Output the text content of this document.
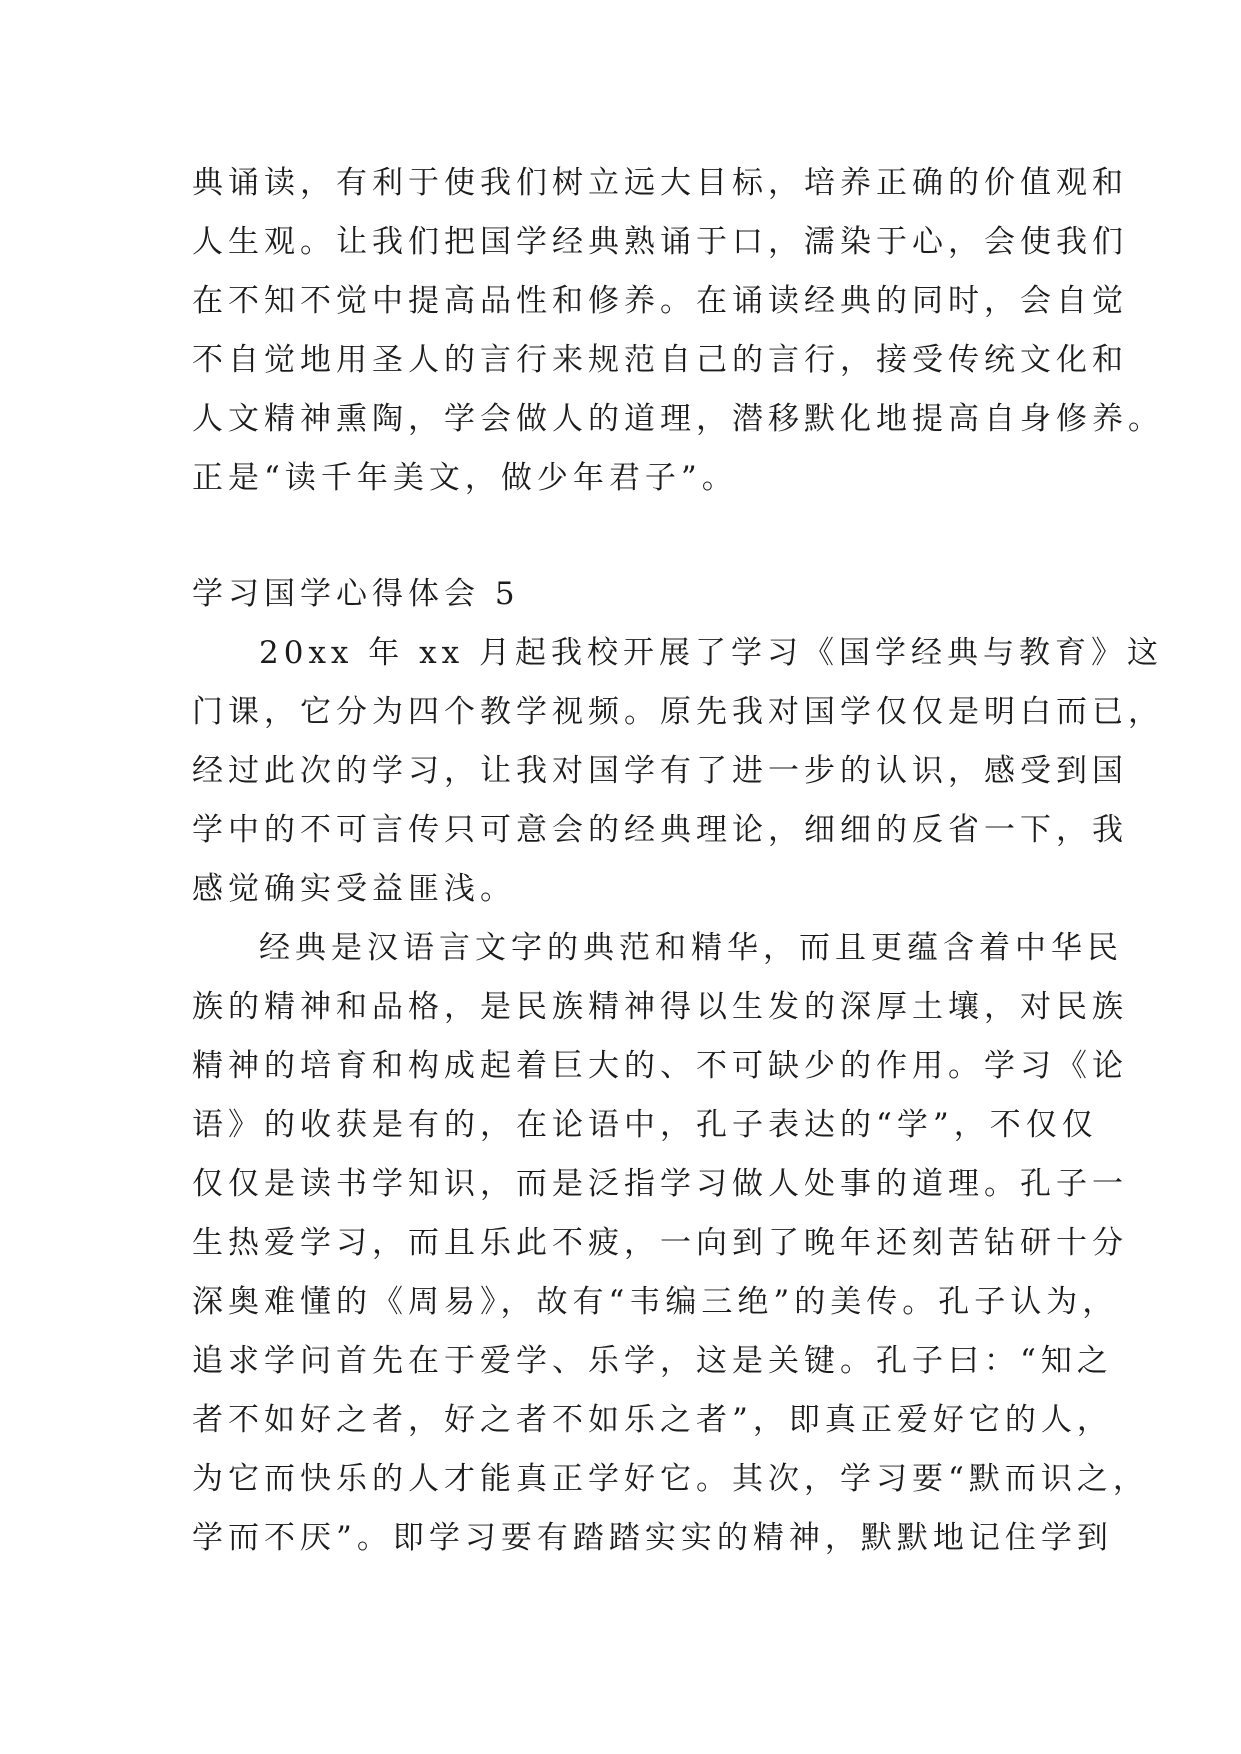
典诵读，有利于使我们树立远大目标，培养正确的价值观和
人生观。让我们把国学经典熟诵于口，濡染于心，会使我们
在不知不觉中提高品性和修养。在诵读经典的同时，会自觉
不自觉地用圣人的言行来规范自己的言行，接受传统文化和
人文精神熏陶，学会做人的道理，潜移默化地提高自身修养。
正是“读千年美文，做少年君子”。
学习国学心得体会 5
20xx 年 xx 月起我校开展了学习《国学经典与教育》这
门课，它分为四个教学视频。原先我对国学仅仅是明白而已，
经过此次的学习，让我对国学有了进一步的认识，感受到国
学中的不可言传只可意会的经典理论，细细的反省一下，我
感觉确实受益匪浅。
经典是汉语言文字的典范和精华，而且更蕴含着中华民
族的精神和品格，是民族精神得以生发的深厚土壤，对民族
精神的培育和构成起着巨大的、不可缺少的作用。学习《论
语》的收获是有的，在论语中，孔子表达的“学”，不仅仅
仅仅是读书学知识，而是泛指学习做人处事的道理。孔子一
生热爱学习，而且乐此不疲，一向到了晚年还刻苦钻研十分
深奥难懂的《周易》，故有“韦编三绝”的美传。孔子认为，
追求学问首先在于爱学、乐学，这是关键。孔子曰：“知之
者不如好之者，好之者不如乐之者”，即真正爱好它的人，
为它而快乐的人才能真正学好它。其次，学习要“默而识之，
学而不厌”。即学习要有踏踏实实的精神，默默地记住学到
